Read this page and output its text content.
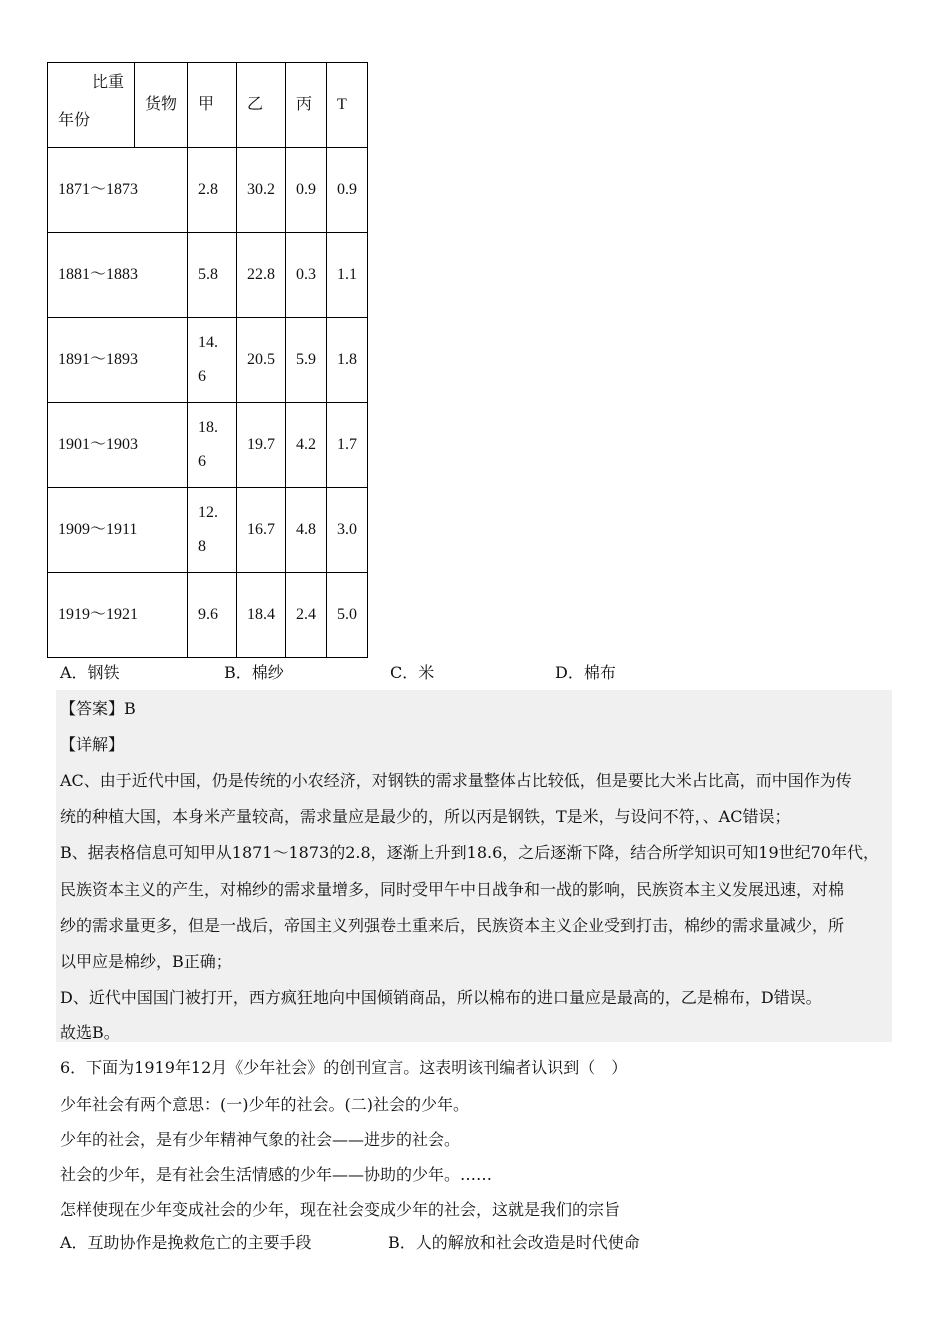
比重
年份	货物	甲	乙	丙	T
1871～1873		2.8	30.2	0.9	0.9
1881～1883		5.8	22.8	0.3	1.1
1891～1893		14.6	20.5	5.9	1.8
1901～1903		18.6	19.7	4.2	1.7
1909～1911		12.8	16.7	4.8	3.0
1919～1921		9.6	18.4	2.4	5.0
A．钢铁	B．棉纱	C．米	D．棉布
【答案】B
【详解】
AC、由于近代中国，仍是传统的小农经济，对钢铁的需求量整体占比较低，但是要比大米占比高，而中国作为传
统的种植大国，本身米产量较高，需求量应是最少的，所以丙是钢铁，T是米，与设问不符，、AC错误；
B、据表格信息可知甲从1871～1873的2.8，逐渐上升到18.6，之后逐渐下降，结合所学知识可知19世纪70年代，
民族资本主义的产生，对棉纱的需求量增多，同时受甲午中日战争和一战的影响，民族资本主义发展迅速，对棉
纱的需求量更多，但是一战后，帝国主义列强卷土重来后，民族资本主义企业受到打击，棉纱的需求量减少，所
以甲应是棉纱，B正确；
D、近代中国国门被打开，西方疯狂地向中国倾销商品，所以棉布的进口量应是最高的，乙是棉布，D错误。
故选B。
6．下面为1919年12月《少年社会》的创刊宣言。这表明该刊编者认识到（　）
少年社会有两个意思：(一)少年的社会。(二)社会的少年。
少年的社会，是有少年精神气象的社会——进步的社会。
社会的少年，是有社会生活情感的少年——协助的少年。……
怎样使现在少年变成社会的少年，现在社会变成少年的社会，这就是我们的宗旨
A．互助协作是挽救危亡的主要手段	B．人的解放和社会改造是时代使命
